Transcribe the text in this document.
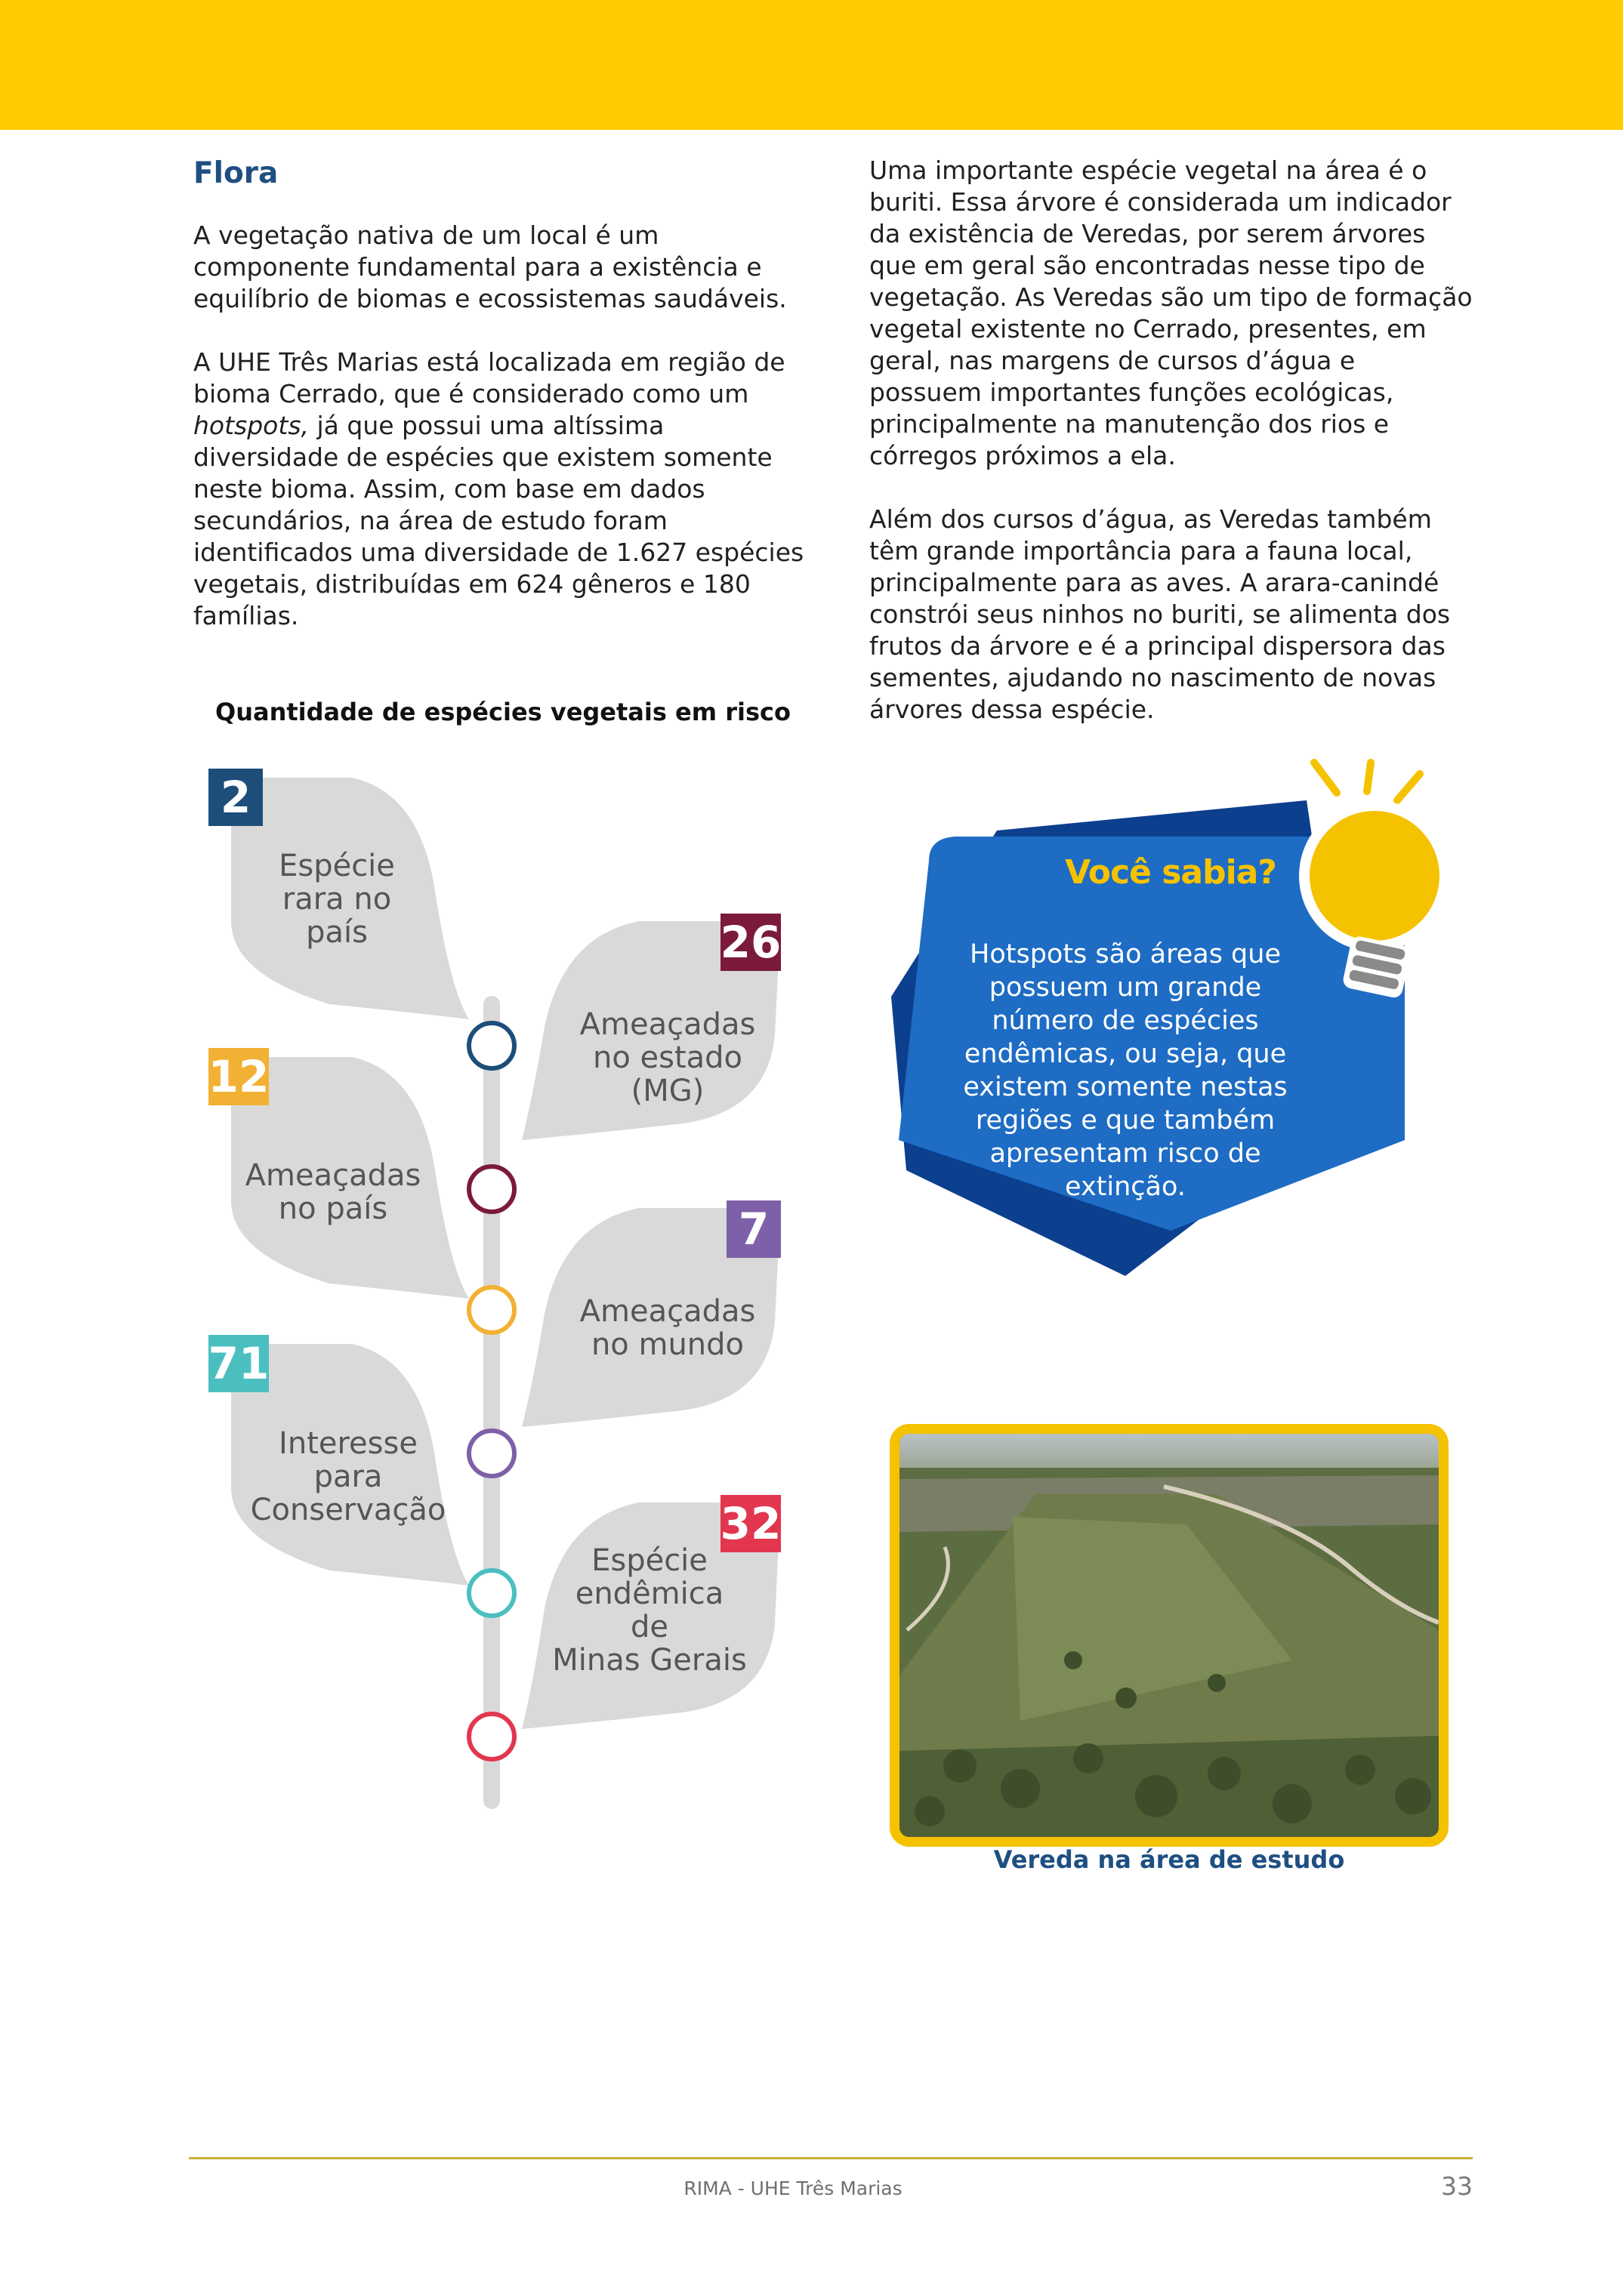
Flora

A vegetação nativa de um local é um componente fundamental para a existência e equilíbrio de biomas e ecossistemas saudáveis.

A UHE Três Marias está localizada em região de bioma Cerrado, que é considerado como um hotspots, já que possui uma altíssima diversidade de espécies que existem somente neste bioma. Assim, com base em dados secundários, na área de estudo foram identificados uma diversidade de 1.627 espécies vegetais, distribuídas em 624 gêneros e 180 famílias.

Uma importante espécie vegetal na área é o buriti. Essa árvore é considerada um indicador da existência de Veredas, por serem árvores que em geral são encontradas nesse tipo de vegetação. As Veredas são um tipo de formação vegetal existente no Cerrado, presentes, em geral, nas margens de cursos d’água e possuem importantes funções ecológicas, principalmente na manutenção dos rios e córregos próximos a ela.

Além dos cursos d’água, as Veredas também têm grande importância para a fauna local, principalmente para as aves. A arara-canindé constrói seus ninhos no buriti, se alimenta dos frutos da árvore e é a principal dispersora das sementes, ajudando no nascimento de novas árvores dessa espécie.

Quantidade de espécies vegetais em risco
2
Espécie
rara no
país	26
Ameaçadas
no estado
(MG)
12
Ameaçadas
no país	7
Ameaçadas
no mundo
71
Interesse
para
Conservação	32
Espécie
endêmica
de
Minas Gerais
Você sabia?
Hotspots são áreas que possuem um grande número de espécies endêmicas, ou seja, que existem somente nestas regiões e que também apresentam risco de extinção.
Vereda na área de estudo
RIMA - UHE Três Marias	33
